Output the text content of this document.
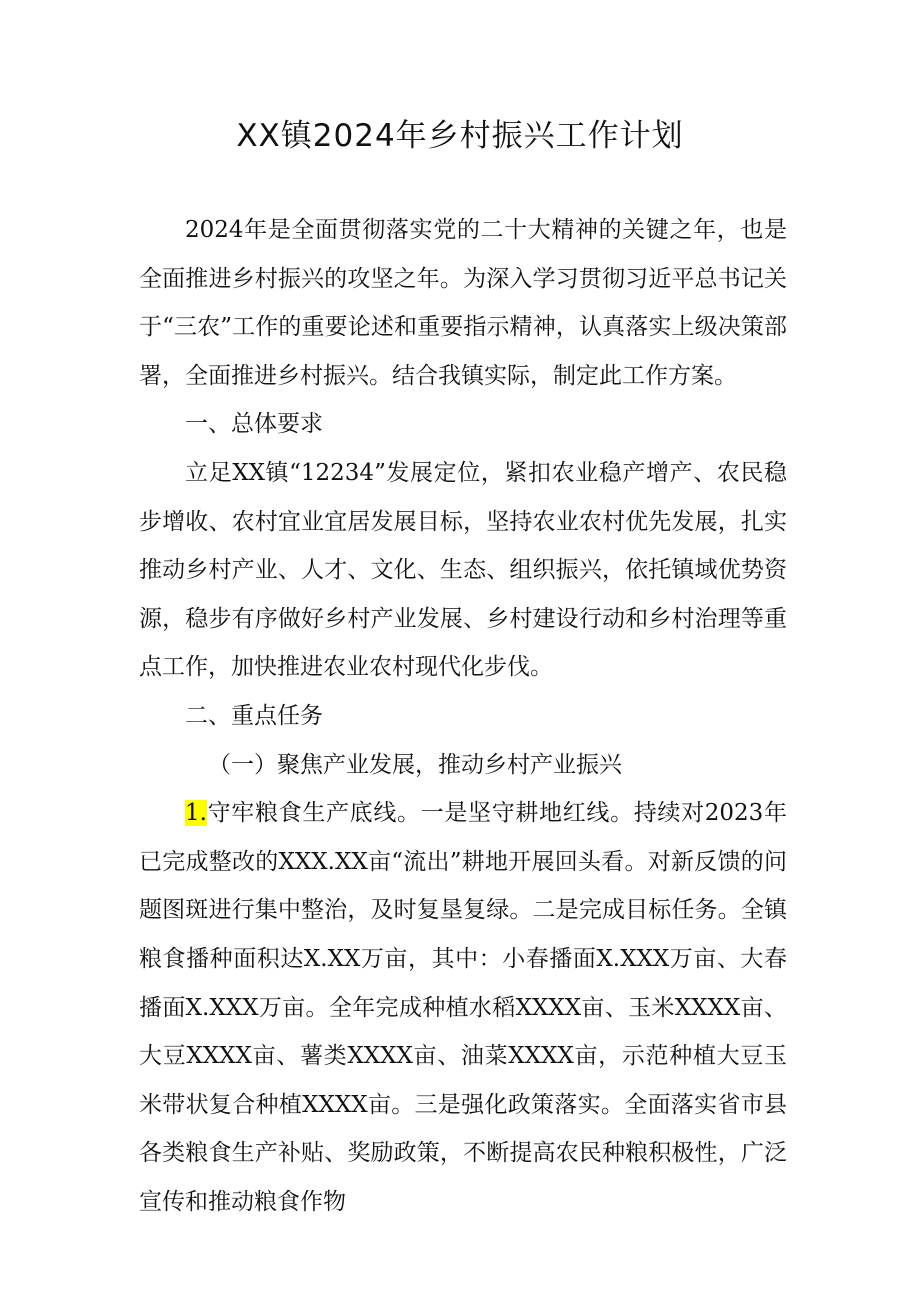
XX镇2024年乡村振兴工作计划

2024年是全面贯彻落实党的二十大精神的关键之年，也是全面推进乡村振兴的攻坚之年。为深入学习贯彻习近平总书记关于“三农”工作的重要论述和重要指示精神，认真落实上级决策部署，全面推进乡村振兴。结合我镇实际，制定此工作方案。

一、总体要求

立足XX镇“12234”发展定位，紧扣农业稳产增产、农民稳步增收、农村宜业宜居发展目标，坚持农业农村优先发展，扎实推动乡村产业、人才、文化、生态、组织振兴，依托镇域优势资源，稳步有序做好乡村产业发展、乡村建设行动和乡村治理等重点工作，加快推进农业农村现代化步伐。

二、重点任务

（一）聚焦产业发展，推动乡村产业振兴

1.守牢粮食生产底线。一是坚守耕地红线。持续对2023年已完成整改的XXX.XX亩“流出”耕地开展回头看。对新反馈的问题图斑进行集中整治，及时复垦复绿。二是完成目标任务。全镇粮食播种面积达X.XX万亩，其中：小春播面X.XXX万亩、大春播面X.XXX万亩。全年完成种植水稻XXXX亩、玉米XXXX亩、大豆XXXX亩、薯类XXXX亩、油菜XXXX亩，示范种植大豆玉米带状复合种植XXXX亩。三是强化政策落实。全面落实省市县各类粮食生产补贴、奖励政策，不断提高农民种粮积极性，广泛宣传和推动粮食作物
